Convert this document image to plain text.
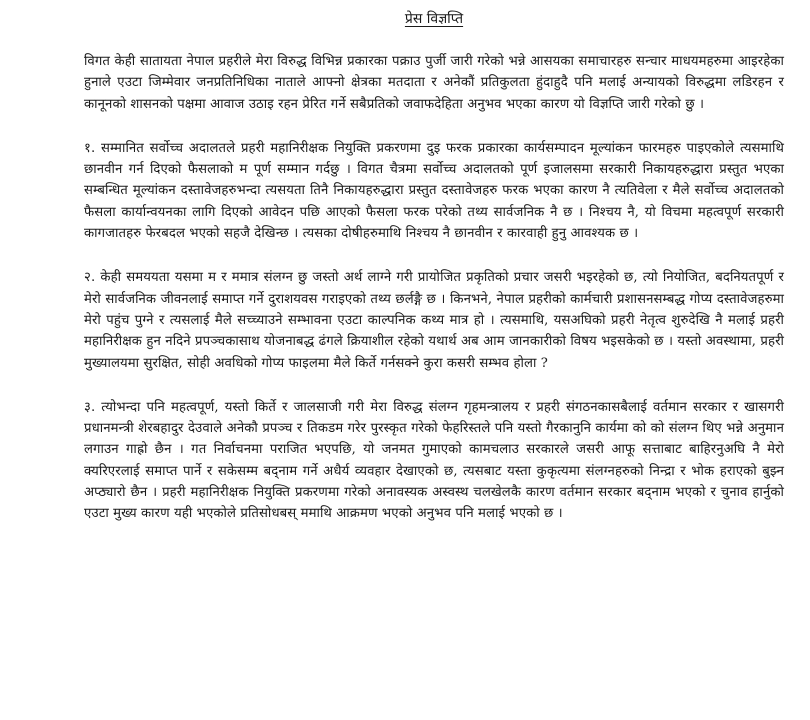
प्रेस विज्ञप्ति

विगत केही सातायता नेपाल प्रहरीले मेरा विरुद्ध विभिन्न प्रकारका पक्राउ पुर्जी जारी गरेको भन्ने आसयका समाचारहरु सन्चार माधयमहरुमा आइरहेका हुनाले एउटा जिम्मेवार जनप्रतिनिधिका नाताले आफ्नो क्षेत्रका मतदाता र अनेकौं प्रतिकुलता हुंदाहुदै पनि मलाई अन्यायको विरुद्धमा लडिरहन र कानूनको शासनको पक्षमा आवाज उठाइ रहन प्रेरित गर्ने सबैप्रतिको जवाफदेहिता अनुभव भएका कारण यो विज्ञप्ति जारी गरेको छु ।

१. सम्मानित सर्वोच्च अदालतले प्रहरी महानिरीक्षक नियुक्ति प्रकरणमा दुइ फरक प्रकारका कार्यसम्पादन मूल्यांकन फारमहरु पाइएकोले त्यसमाथि छानवीन गर्न दिएको फैसलाको म पूर्ण सम्मान गर्दछु । विगत चैत्रमा सर्वोच्च अदालतको पूर्ण इजालसमा सरकारी निकायहरुद्धारा प्रस्तुत भएका सम्बन्धित मूल्यांकन दस्तावेजहरुभन्दा त्यसयता तिनै निकायहरुद्धारा प्रस्तुत दस्तावेजहरु फरक भएका कारण नै त्यतिवेला र मैले सर्वोच्च अदालतको फैसला कार्यान्वयनका लागि दिएको आवेदन पछि आएको फैसला फरक परेको तथ्य सार्वजनिक नै छ । निश्चय नै, यो विचमा महत्वपूर्ण सरकारी कागजातहरु फेरबदल भएको सहजै देखिन्छ । त्यसका दोषीहरुमाथि निश्चय नै छानवीन र कारवाही हुनु आवश्यक छ ।

२. केही समययता यसमा म र ममात्र संलग्न छु जस्तो अर्थ लाग्ने गरी प्रायोजित प्रकृतिको प्रचार जसरी भइरहेको छ, त्यो नियोजित, बदनियतपूर्ण र मेरो सार्वजनिक जीवनलाई समाप्त गर्ने दुराशयवस गराइएको तथ्य छर्लङ्गै छ । किनभने, नेपाल प्रहरीको कार्मचारी प्रशासनसम्बद्ध गोप्य दस्तावेजहरुमा मेरो पहुंच पुग्ने र त्यसलाई मैले सच्च्याउने सम्भावना एउटा काल्पनिक कथ्य मात्र हो । त्यसमाथि, यसअघिको प्रहरी नेतृत्व शुरुदेखि नै मलाई प्रहरी महानिरीक्षक हुन नदिने प्रपञ्चकासाथ योजनाबद्ध ढंगले क्रियाशील रहेको यथार्थ अब आम जानकारीको विषय भइसकेको छ । यस्तो अवस्थामा, प्रहरी मुख्यालयमा सुरक्षित, सोही अवधिको गोप्य फाइलमा मैले किर्ते गर्नसक्ने कुरा कसरी सम्भव होला ?

३. त्योभन्दा पनि महत्वपूर्ण, यस्तो किर्ते र जालसाजी गरी मेरा विरुद्ध संलग्न गृहमन्त्रालय र प्रहरी संगठनकासबैलाई वर्तमान सरकार र खासगरी प्रधानमन्त्री शेरबहादुर देउवाले अनेकौ प्रपञ्च र तिकडम गरेर पुरस्कृत गरेको फेहरिस्तले पनि यस्तो गैरकानुनि कार्यमा को को संलग्न थिए भन्ने अनुमान लगाउन गाह्रो छैन । गत निर्वाचनमा पराजित भएपछि, यो जनमत गुमाएको कामचलाउ सरकारले जसरी आफू सत्ताबाट बाहिरनुअघि नै मेरो क्यरिएरलाई समाप्त पार्ने र सकेसम्म बद्नाम गर्ने अधैर्य व्यवहार देखाएको छ, त्यसबाट यस्ता कुकृत्यमा संलग्नहरुको निन्द्रा र भोक हराएको बुझ्न अप्ठ्यारो छैन । प्रहरी महानिरीक्षक नियुक्ति प्रकरणमा गरेको अनावस्यक अस्वस्थ चलखेलकै कारण वर्तमान सरकार बद्नाम भएको र चुनाव हार्नुको एउटा मुख्य कारण यही भएकोले प्रतिसोधबस् ममाथि आक्रमण भएको अनुभव पनि मलाई भएको छ ।
